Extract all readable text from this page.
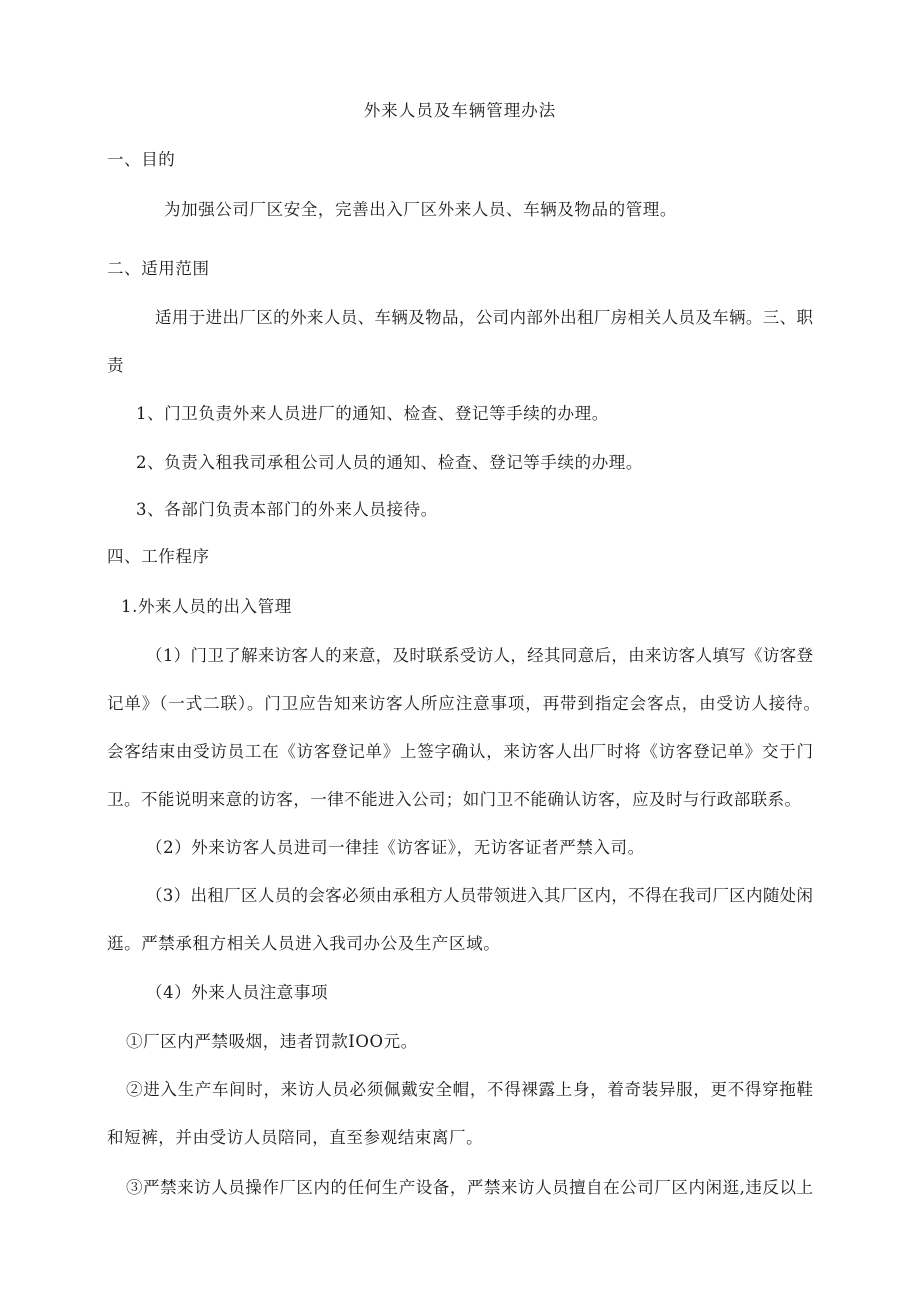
外来人员及车辆管理办法
一、目的
为加强公司厂区安全，完善出入厂区外来人员、车辆及物品的管理。
二、适用范围
适用于进出厂区的外来人员、车辆及物品，公司内部外出租厂房相关人员及车辆。三、职
责
1、门卫负责外来人员进厂的通知、检查、登记等手续的办理。
2、负责入租我司承租公司人员的通知、检查、登记等手续的办理。
3、各部门负责本部门的外来人员接待。
四、工作程序
1.外来人员的出入管理
（1）门卫了解来访客人的来意，及时联系受访人，经其同意后，由来访客人填写《访客登
记单》（一式二联）。门卫应告知来访客人所应注意事项，再带到指定会客点，由受访人接待。
会客结束由受访员工在《访客登记单》上签字确认，来访客人出厂时将《访客登记单》交于门
卫。不能说明来意的访客，一律不能进入公司；如门卫不能确认访客，应及时与行政部联系。
（2）外来访客人员进司一律挂《访客证》，无访客证者严禁入司。
（3）出租厂区人员的会客必须由承租方人员带领进入其厂区内，不得在我司厂区内随处闲
逛。严禁承租方相关人员进入我司办公及生产区域。
（4）外来人员注意事项
①厂区内严禁吸烟，违者罚款IOO元。
②进入生产车间时，来访人员必须佩戴安全帽，不得裸露上身，着奇装异服，更不得穿拖鞋
和短裤，并由受访人员陪同，直至参观结束离厂。
③严禁来访人员操作厂区内的任何生产设备，严禁来访人员擅自在公司厂区内闲逛,违反以上
